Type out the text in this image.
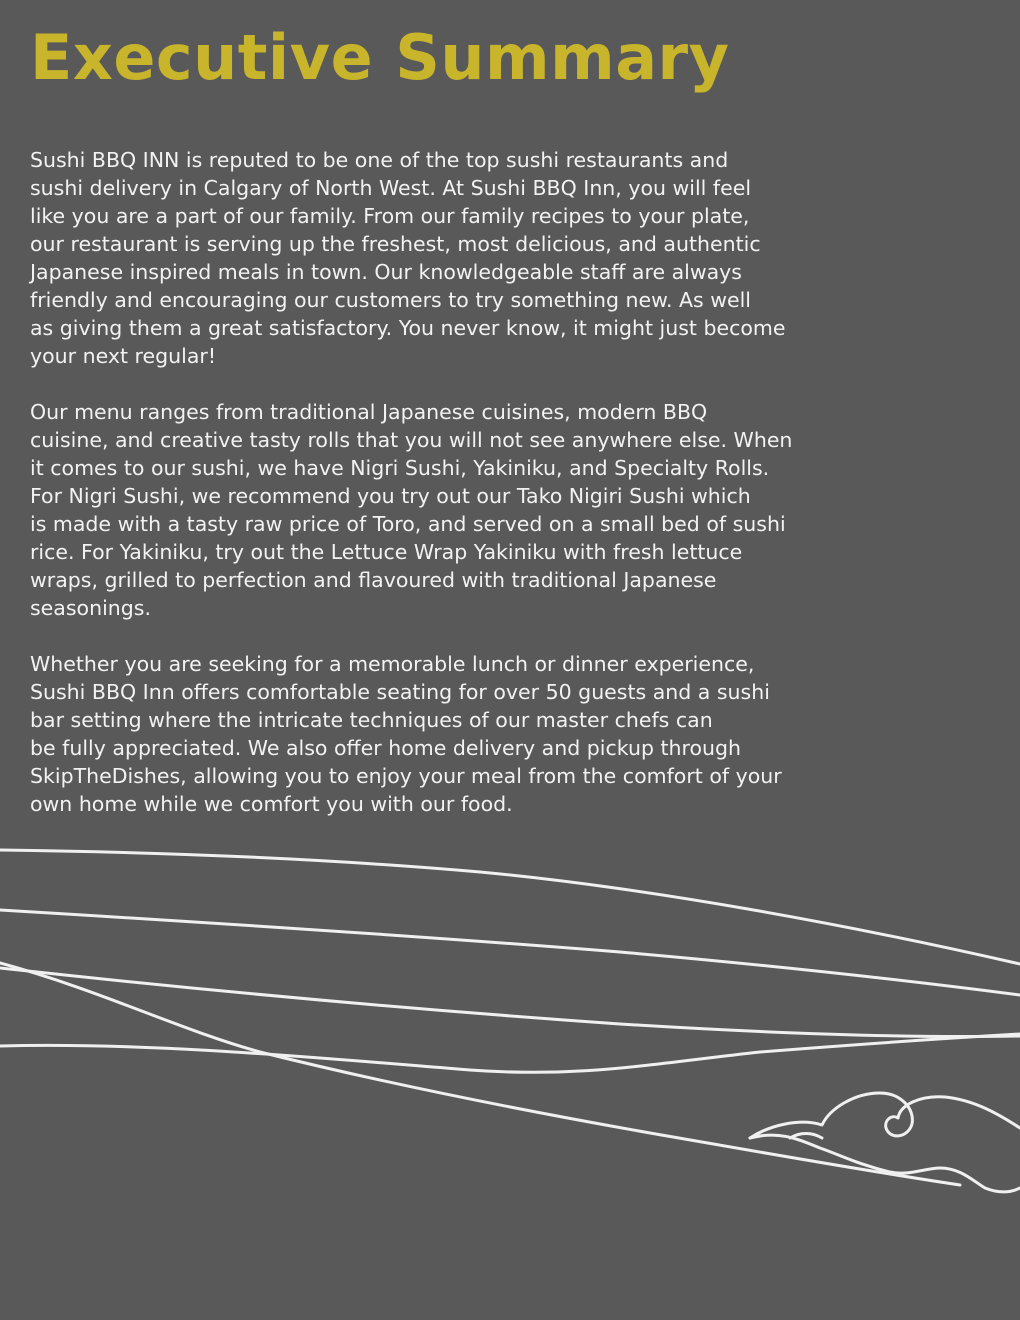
Executive Summary

Sushi BBQ INN is reputed to be one of the top sushi restaurants and
sushi delivery in Calgary of North West. At Sushi BBQ Inn, you will feel
like you are a part of our family. From our family recipes to your plate,
our restaurant is serving up the freshest, most delicious, and authentic
Japanese inspired meals in town. Our knowledgeable staff are always
friendly and encouraging our customers to try something new. As well
as giving them a great satisfactory. You never know, it might just become
your next regular!

Our menu ranges from traditional Japanese cuisines, modern BBQ
cuisine, and creative tasty rolls that you will not see anywhere else. When
it comes to our sushi, we have Nigri Sushi, Yakiniku, and Specialty Rolls.
For Nigri Sushi, we recommend you try out our Tako Nigiri Sushi which
is made with a tasty raw price of Toro, and served on a small bed of sushi
rice. For Yakiniku, try out the Lettuce Wrap Yakiniku with fresh lettuce
wraps, grilled to perfection and flavoured with traditional Japanese
seasonings.

Whether you are seeking for a memorable lunch or dinner experience,
Sushi BBQ Inn offers comfortable seating for over 50 guests and a sushi
bar setting where the intricate techniques of our master chefs can
be fully appreciated. We also offer home delivery and pickup through
SkipTheDishes, allowing you to enjoy your meal from the comfort of your
own home while we comfort you with our food.
